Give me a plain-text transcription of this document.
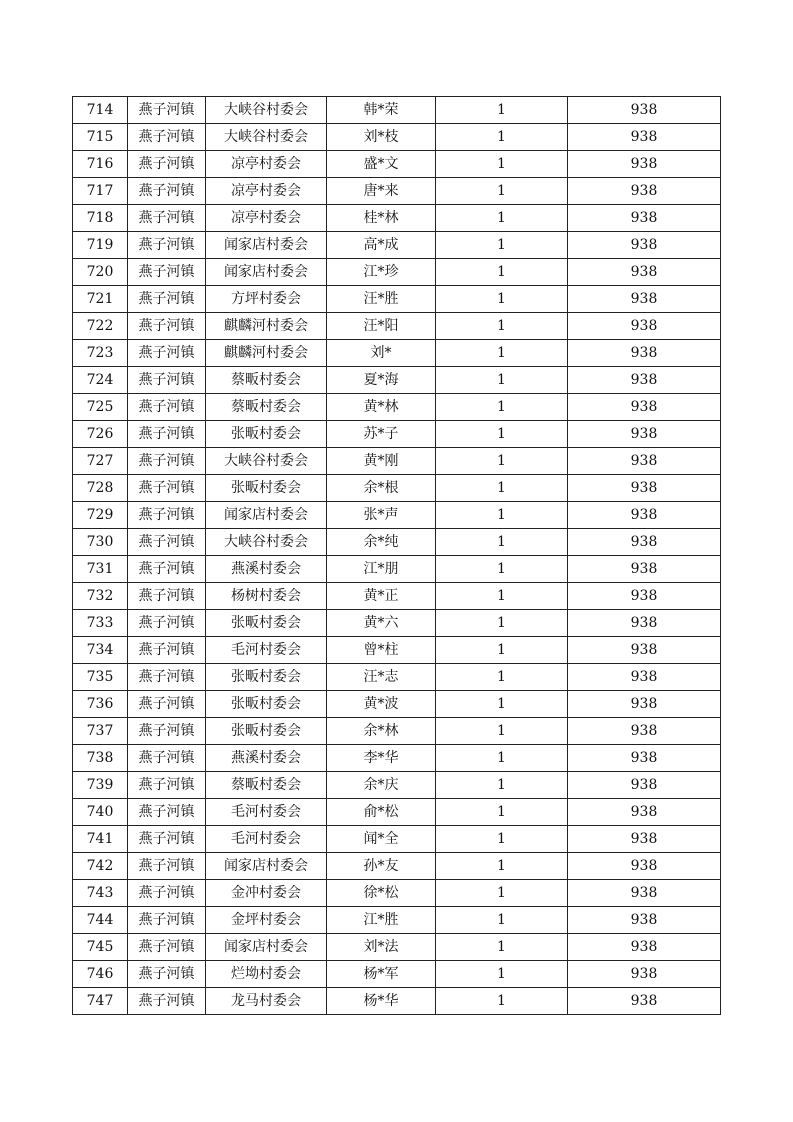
714	燕子河镇	大峡谷村委会	韩*荣	1	938
715	燕子河镇	大峡谷村委会	刘*枝	1	938
716	燕子河镇	凉亭村委会	盛*文	1	938
717	燕子河镇	凉亭村委会	唐*来	1	938
718	燕子河镇	凉亭村委会	桂*林	1	938
719	燕子河镇	闻家店村委会	高*成	1	938
720	燕子河镇	闻家店村委会	江*珍	1	938
721	燕子河镇	方坪村委会	汪*胜	1	938
722	燕子河镇	麒麟河村委会	汪*阳	1	938
723	燕子河镇	麒麟河村委会	刘*	1	938
724	燕子河镇	蔡畈村委会	夏*海	1	938
725	燕子河镇	蔡畈村委会	黄*林	1	938
726	燕子河镇	张畈村委会	苏*子	1	938
727	燕子河镇	大峡谷村委会	黄*刚	1	938
728	燕子河镇	张畈村委会	余*根	1	938
729	燕子河镇	闻家店村委会	张*声	1	938
730	燕子河镇	大峡谷村委会	余*纯	1	938
731	燕子河镇	燕溪村委会	江*朋	1	938
732	燕子河镇	杨树村委会	黄*正	1	938
733	燕子河镇	张畈村委会	黄*六	1	938
734	燕子河镇	毛河村委会	曾*柱	1	938
735	燕子河镇	张畈村委会	汪*志	1	938
736	燕子河镇	张畈村委会	黄*波	1	938
737	燕子河镇	张畈村委会	余*林	1	938
738	燕子河镇	燕溪村委会	李*华	1	938
739	燕子河镇	蔡畈村委会	余*庆	1	938
740	燕子河镇	毛河村委会	俞*松	1	938
741	燕子河镇	毛河村委会	闻*全	1	938
742	燕子河镇	闻家店村委会	孙*友	1	938
743	燕子河镇	金冲村委会	徐*松	1	938
744	燕子河镇	金坪村委会	江*胜	1	938
745	燕子河镇	闻家店村委会	刘*法	1	938
746	燕子河镇	烂坳村委会	杨*军	1	938
747	燕子河镇	龙马村委会	杨*华	1	938
